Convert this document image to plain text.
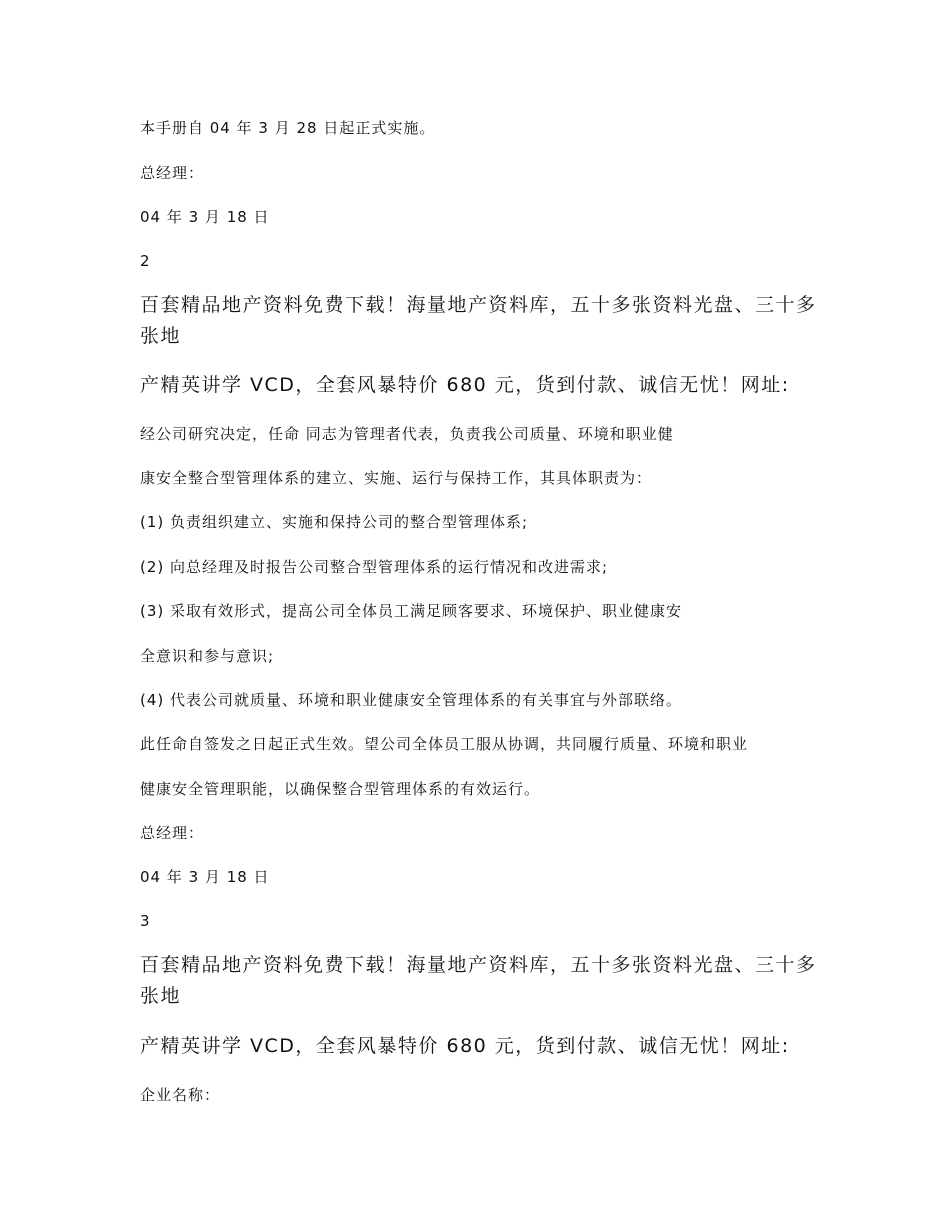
本手册自 04 年 3 月 28 日起正式实施。
总经理：
04 年 3 月 18 日
2
百套精品地产资料免费下载！海量地产资料库，五十多张资料光盘、三十多张地
产精英讲学 VCD，全套风暴特价 680 元，货到付款、诚信无忧！网址:
经公司研究决定，任命 同志为管理者代表，负责我公司质量、环境和职业健
康安全整合型管理体系的建立、实施、运行与保持工作，其具体职责为：
(1) 负责组织建立、实施和保持公司的整合型管理体系;
(2) 向总经理及时报告公司整合型管理体系的运行情况和改进需求;
(3) 采取有效形式，提高公司全体员工满足顾客要求、环境保护、职业健康安
全意识和参与意识;
(4) 代表公司就质量、环境和职业健康安全管理体系的有关事宜与外部联络。
此任命自签发之日起正式生效。望公司全体员工服从协调，共同履行质量、环境和职业
健康安全管理职能，以确保整合型管理体系的有效运行。
总经理：
04 年 3 月 18 日
3
百套精品地产资料免费下载！海量地产资料库，五十多张资料光盘、三十多张地
产精英讲学 VCD，全套风暴特价 680 元，货到付款、诚信无忧！网址:
企业名称：
